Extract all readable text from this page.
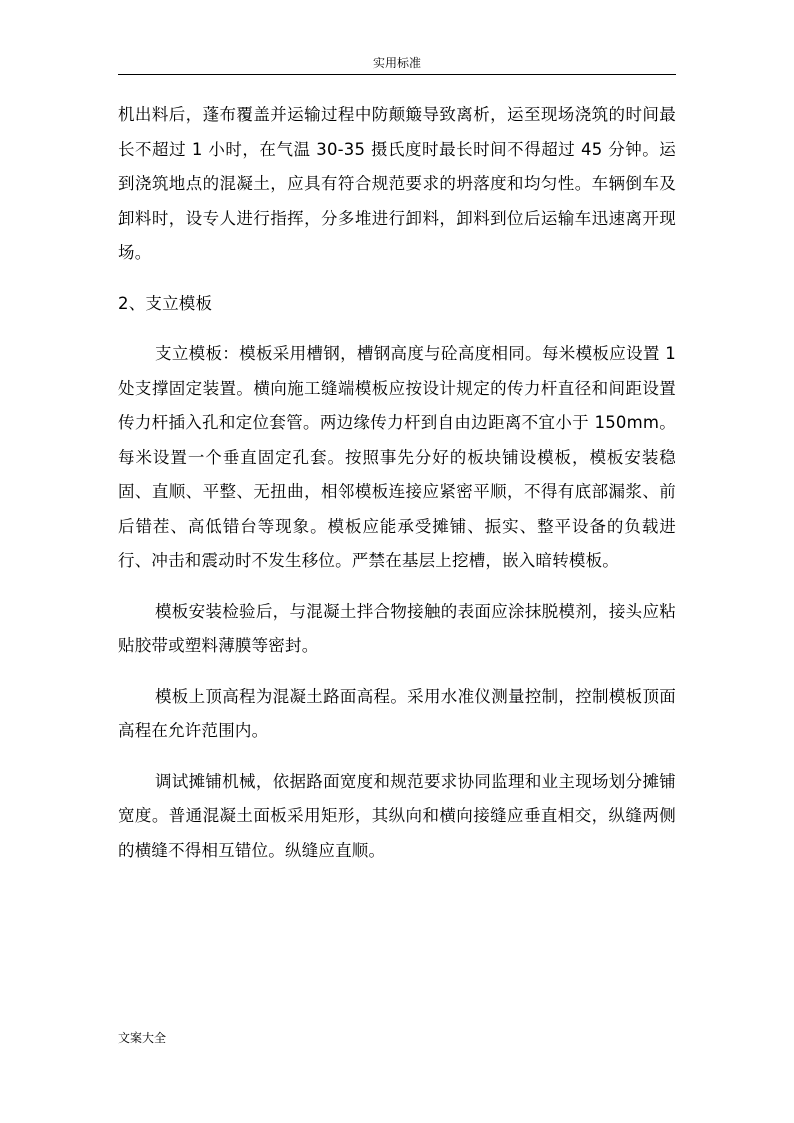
实用标准

机出料后，蓬布覆盖并运输过程中防颠簸导致离析，运至现场浇筑的时间最长不超过 1 小时，在气温 30-35 摄氏度时最长时间不得超过 45 分钟。运到浇筑地点的混凝土，应具有符合规范要求的坍落度和均匀性。车辆倒车及卸料时，设专人进行指挥，分多堆进行卸料，卸料到位后运输车迅速离开现场。

2、支立模板

支立模板：模板采用槽钢，槽钢高度与砼高度相同。每米模板应设置 1 处支撑固定装置。横向施工缝端模板应按设计规定的传力杆直径和间距设置传力杆插入孔和定位套管。两边缘传力杆到自由边距离不宜小于 150mm。每米设置一个垂直固定孔套。按照事先分好的板块铺设模板，模板安装稳固、直顺、平整、无扭曲，相邻模板连接应紧密平顺，不得有底部漏浆、前后错茬、高低错台等现象。模板应能承受摊铺、振实、整平设备的负载进行、冲击和震动时不发生移位。严禁在基层上挖槽，嵌入暗转模板。

模板安装检验后，与混凝土拌合物接触的表面应涂抹脱模剂，接头应粘贴胶带或塑料薄膜等密封。

模板上顶高程为混凝土路面高程。采用水准仪测量控制，控制模板顶面高程在允许范围内。

调试摊铺机械，依据路面宽度和规范要求协同监理和业主现场划分摊铺宽度。普通混凝土面板采用矩形，其纵向和横向接缝应垂直相交，纵缝两侧的横缝不得相互错位。纵缝应直顺。

文案大全
